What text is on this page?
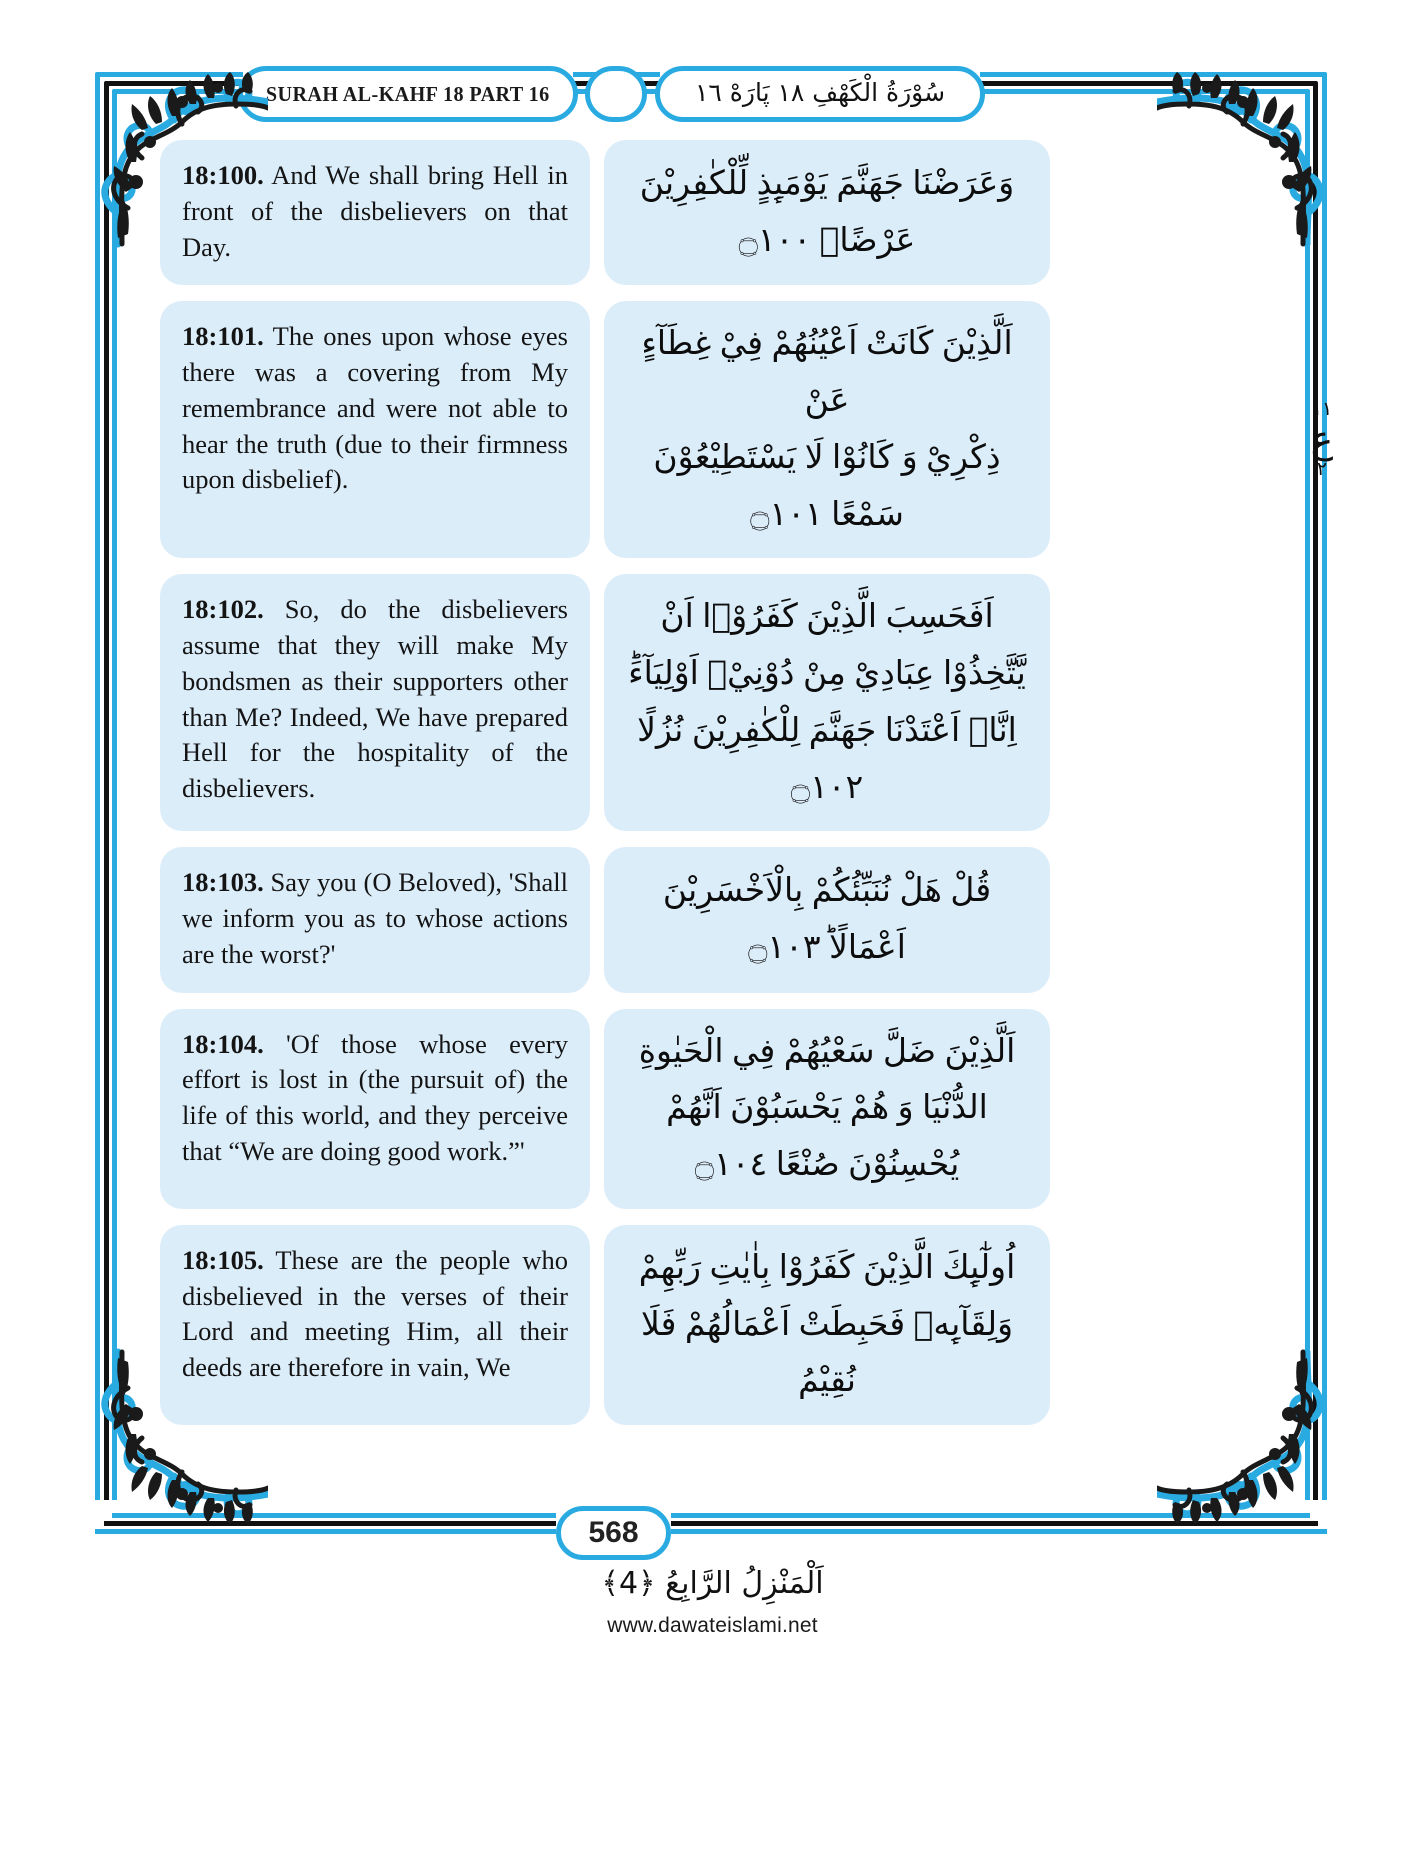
SURAH AL-KAHF 18 PART 16	سُوْرَةُ الْكَهْفِ ١٨ پَارَهْ ١٦
١١
ع
٢
18:100. And We shall bring Hell in front of the disbelievers on that Day.
وَعَرَضْنَا جَهَنَّمَ يَوْمَىِٕذٍ لِّلْكٰفِرِيْنَ
عَرْضًاۙ ۝١٠٠
18:101. The ones upon whose eyes there was a covering from My remembrance and were not able to hear the truth (due to their firmness upon disbelief).
اَلَّذِيْنَ كَانَتْ اَعْيُنُهُمْ فِيْ غِطَآءٍ عَنْ
ذِكْرِيْ وَ كَانُوْا لَا يَسْتَطِيْعُوْنَ سَمْعًا ۝١٠١
18:102. So, do the disbelievers assume that they will make My bondsmen as their supporters other than Me? Indeed, We have prepared Hell for the hospitality of the disbelievers.
اَفَحَسِبَ الَّذِيْنَ كَفَرُوْۤا اَنْ
يَّتَّخِذُوْا عِبَادِيْ مِنْ دُوْنِيْۤ اَوْلِيَآءَؕ
اِنَّاۤ اَعْتَدْنَا جَهَنَّمَ لِلْكٰفِرِيْنَ نُزُلًا ۝١٠٢
18:103. Say you (O Beloved), 'Shall we inform you as to whose actions are the worst?'
قُلْ هَلْ نُنَبِّئُكُمْ بِالْاَخْسَرِيْنَ
اَعْمَالًاؕ ۝١٠٣
18:104. 'Of those whose every effort is lost in (the pursuit of) the life of this world, and they perceive that “We are doing good work.”'
اَلَّذِيْنَ ضَلَّ سَعْيُهُمْ فِي الْحَيٰوةِ
الدُّنْيَا وَ هُمْ يَحْسَبُوْنَ اَنَّهُمْ
يُحْسِنُوْنَ صُنْعًا ۝١٠٤
18:105. These are the people who disbelieved in the verses of their Lord and meeting Him, all their deeds are therefore in vain, We
اُولٰٓىِٕكَ الَّذِيْنَ كَفَرُوْا بِاٰيٰتِ رَبِّهِمْ
وَلِقَآىِٕهٖ فَحَبِطَتْ اَعْمَالُهُمْ فَلَا نُقِيْمُ
568
اَلْمَنْزِلُ الرَّابِعُ ﴿4﴾
www.dawateislami.net
